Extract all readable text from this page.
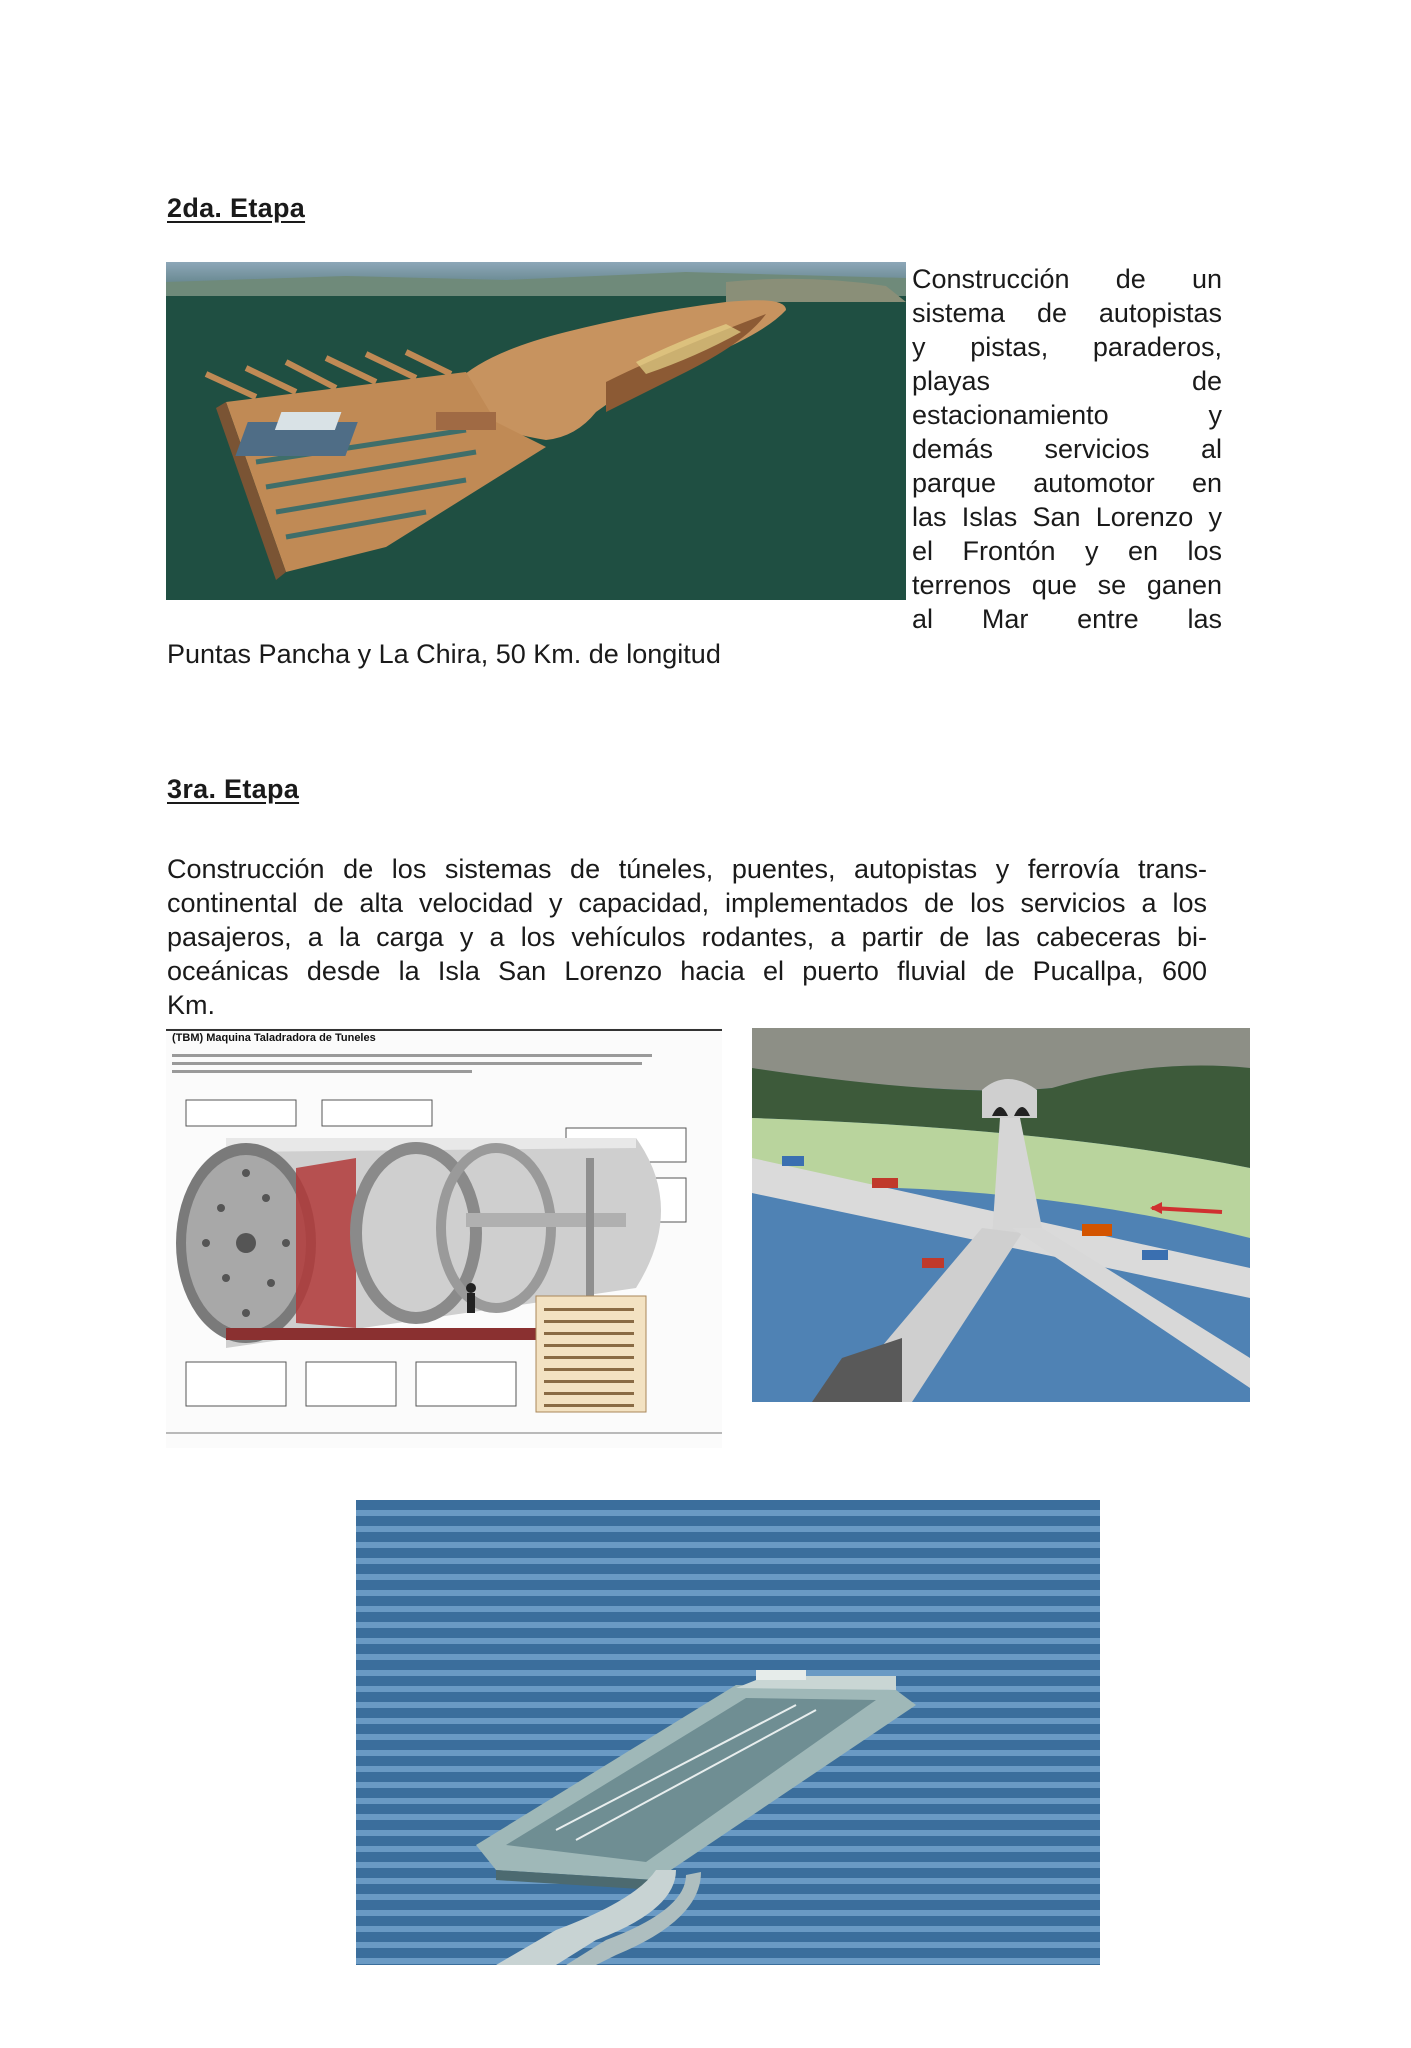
2da. Etapa
Construcción de un
sistema de autopistas
y pistas, paraderos,
playas de
estacionamiento y
demás servicios al
parque automotor en
las Islas San Lorenzo y
el Frontón y en los
terrenos que se ganen
al Mar entre las
Puntas Pancha y La Chira, 50 Km. de longitud
3ra. Etapa
Construcción de los sistemas de túneles, puentes, autopistas y ferrovía trans-
continental de alta velocidad y capacidad, implementados de los servicios a los
pasajeros, a la carga y a los vehículos rodantes, a partir de las cabeceras bi-
oceánicas desde la Isla San Lorenzo hacia el puerto fluvial de Pucallpa, 600
Km.
(TBM) Maquina Taladradora de Tuneles
